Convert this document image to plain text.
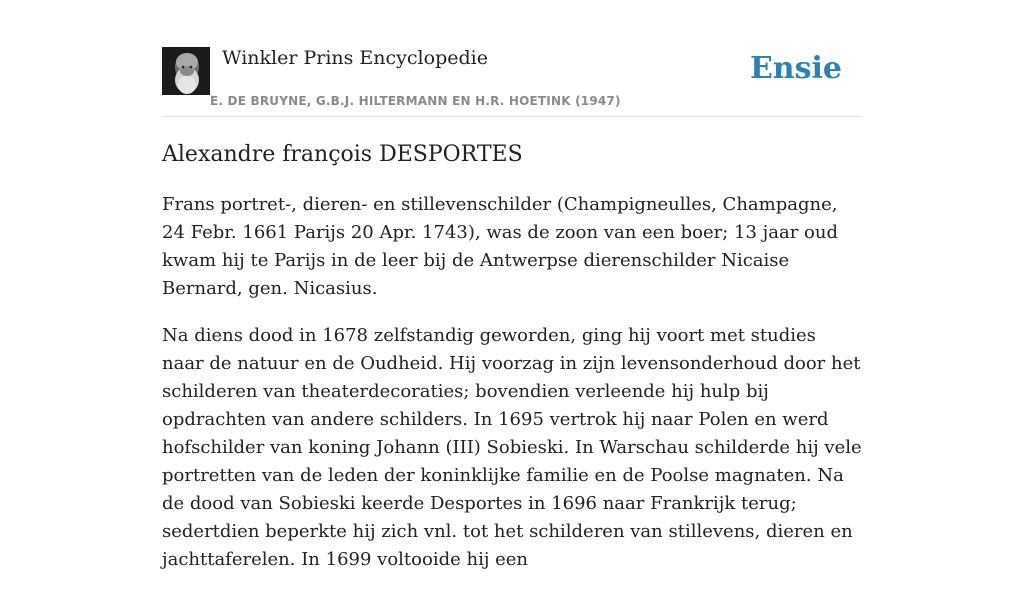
Winkler Prins Encyclopedie
E. DE BRUYNE, G.B.J. HILTERMANN EN H.R. HOETINK (1947)
Ensie
Alexandre françois DESPORTES

Frans portret-, dieren- en stillevenschilder (Champigneulles, Champagne, 24 Febr. 1661 Parijs 20 Apr. 1743), was de zoon van een boer; 13 jaar oud kwam hij te Parijs in de leer bij de Antwerpse dierenschilder Nicaise Bernard, gen. Nicasius.

Na diens dood in 1678 zelfstandig geworden, ging hij voort met studies naar de natuur en de Oudheid. Hij voorzag in zijn levensonderhoud door het schilderen van theaterdecoraties; bovendien verleende hij hulp bij opdrachten van andere schilders. In 1695 vertrok hij naar Polen en werd hofschilder van koning Johann (III) Sobieski. In Warschau schilderde hij vele portretten van de leden der koninklijke familie en de Poolse magnaten. Na de dood van Sobieski keerde Desportes in 1696 naar Frankrijk terug; sedertdien beperkte hij zich vnl. tot het schilderen van stillevens, dieren en jachttaferelen. In 1699 voltooide hij een
